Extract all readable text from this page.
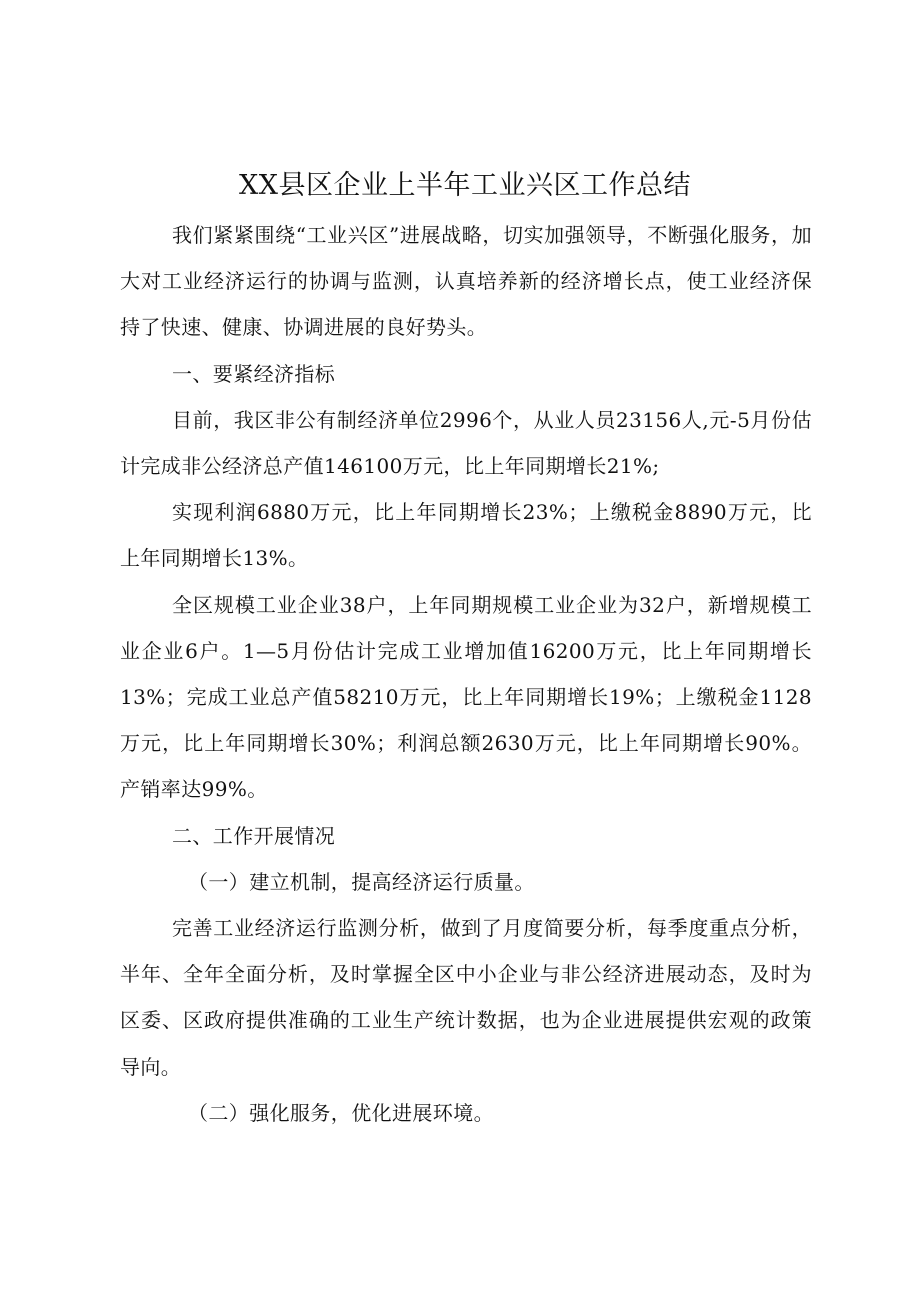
XX县区企业上半年工业兴区工作总结

我们紧紧围绕“工业兴区”进展战略，切实加强领导，不断强化服务，加大对工业经济运行的协调与监测，认真培养新的经济增长点，使工业经济保持了快速、健康、协调进展的良好势头。

一、要紧经济指标

目前，我区非公有制经济单位2996个，从业人员23156人,元-5月份估计完成非公经济总产值146100万元，比上年同期增长21%;

实现利润6880万元，比上年同期增长23%；上缴税金8890万元，比上年同期增长13%。

全区规模工业企业38户，上年同期规模工业企业为32户，新增规模工业企业6户。1—5月份估计完成工业增加值16200万元，比上年同期增长13%；完成工业总产值58210万元，比上年同期增长19%；上缴税金1128万元，比上年同期增长30%；利润总额2630万元，比上年同期增长90%。产销率达99%。

二、工作开展情况

（一）建立机制，提高经济运行质量。

完善工业经济运行监测分析，做到了月度简要分析，每季度重点分析，半年、全年全面分析，及时掌握全区中小企业与非公经济进展动态，及时为区委、区政府提供准确的工业生产统计数据，也为企业进展提供宏观的政策导向。

（二）强化服务，优化进展环境。
